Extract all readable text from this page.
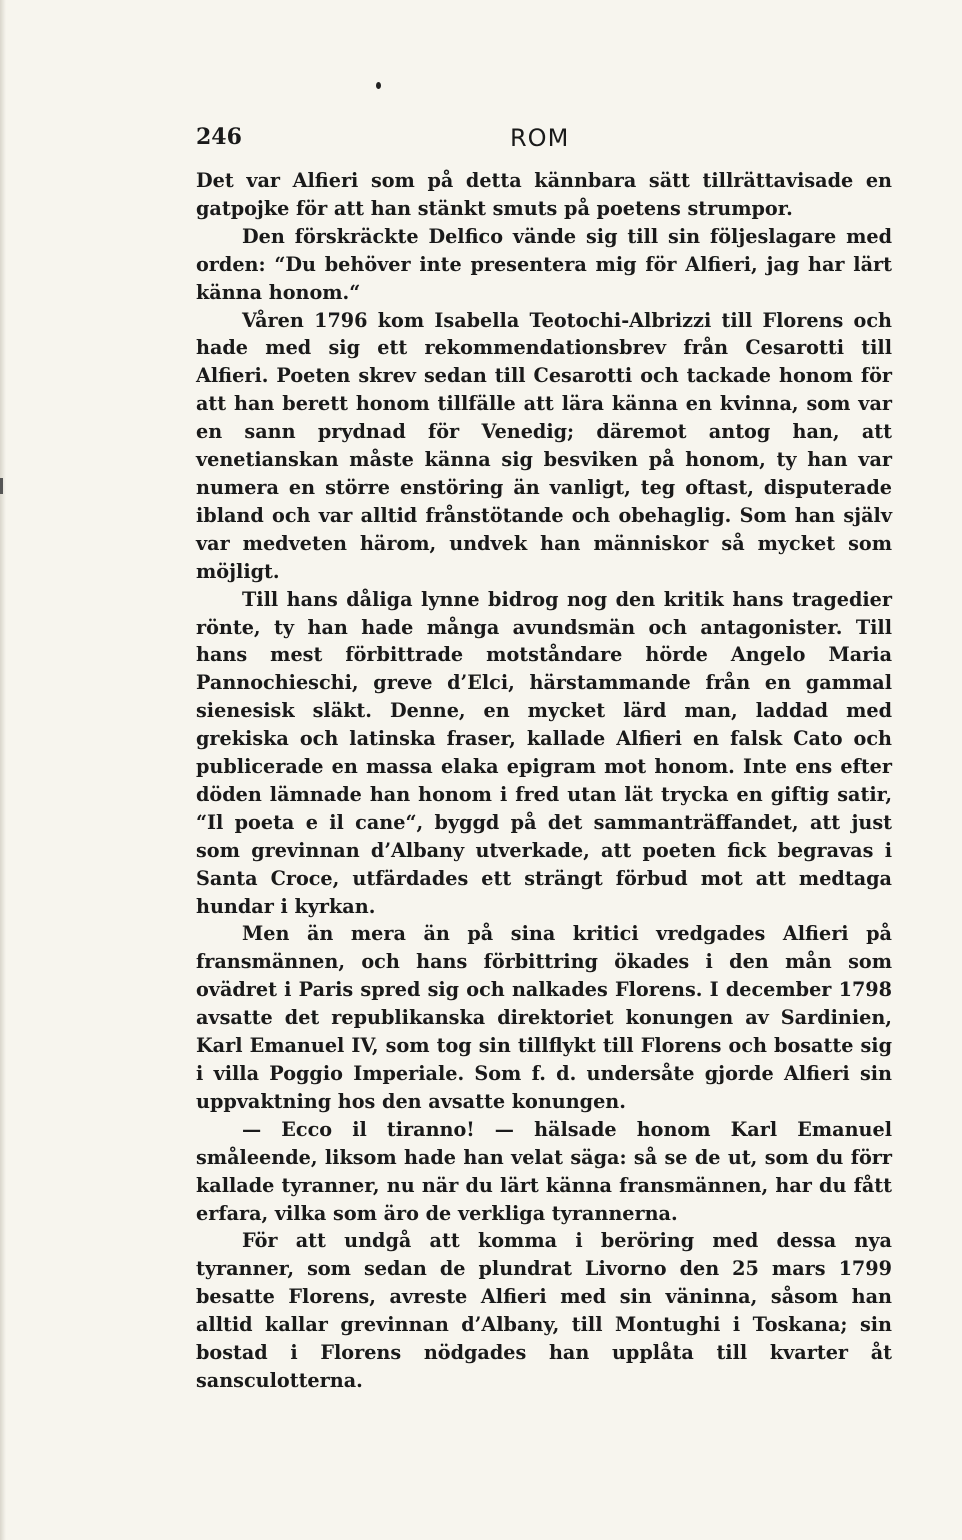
246	ROM

Det var Alfieri som på detta kännbara sätt tillrättavisade en gatpojke för att han stänkt smuts på poetens strumpor.

Den förskräckte Delfico vände sig till sin följeslagare med orden: “Du behöver inte presentera mig för Alfieri, jag har lärt känna honom.“

Våren 1796 kom Isabella Teotochi-Albrizzi till Florens och hade med sig ett rekommendationsbrev från Cesarotti till Alfieri. Poeten skrev sedan till Cesarotti och tackade honom för att han berett honom tillfälle att lära känna en kvinna, som var en sann prydnad för Venedig; däremot antog han, att venetianskan måste känna sig besviken på honom, ty han var numera en större enstöring än vanligt, teg oftast, disputerade ibland och var alltid frånstötande och obehaglig. Som han själv var medveten härom, undvek han människor så mycket som möjligt.

Till hans dåliga lynne bidrog nog den kritik hans tragedier rönte, ty han hade många avundsmän och antagonister. Till hans mest förbittrade motståndare hörde Angelo Maria Pannochieschi, greve d’Elci, härstammande från en gammal sienesisk släkt. Denne, en mycket lärd man, laddad med grekiska och latinska fraser, kallade Alfieri en falsk Cato och publicerade en massa elaka epigram mot honom. Inte ens efter döden lämnade han honom i fred utan lät trycka en giftig satir, “Il poeta e il cane“, byggd på det sammanträffandet, att just som grevinnan d’Albany utverkade, att poeten fick begravas i Santa Croce, utfärdades ett strängt förbud mot att medtaga hundar i kyrkan.

Men än mera än på sina kritici vredgades Alfieri på fransmännen, och hans förbittring ökades i den mån som ovädret i Paris spred sig och nalkades Florens. I december 1798 avsatte det republikanska direktoriet konungen av Sardinien, Karl Emanuel IV, som tog sin tillflykt till Florens och bosatte sig i villa Poggio Imperiale. Som f. d. undersåte gjorde Alfieri sin uppvaktning hos den avsatte konungen.

— Ecco il tiranno! — hälsade honom Karl Emanuel småleende, liksom hade han velat säga: så se de ut, som du förr kallade tyranner, nu när du lärt känna fransmännen, har du fått erfara, vilka som äro de verkliga tyrannerna.

För att undgå att komma i beröring med dessa nya tyranner, som sedan de plundrat Livorno den 25 mars 1799 besatte Florens, avreste Alfieri med sin väninna, såsom han alltid kallar grevinnan d’Albany, till Montughi i Toskana; sin bostad i Florens nödgades han upplåta till kvarter åt sansculotterna.
